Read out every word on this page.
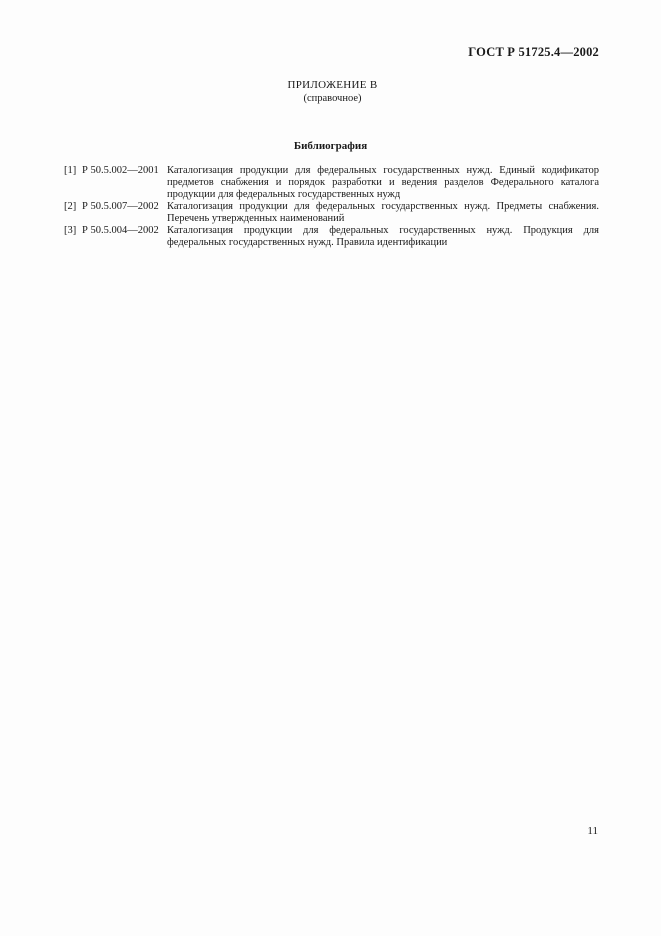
ГОСТ Р 51725.4—2002
ПРИЛОЖЕНИЕ В
(справочное)
Библиография
[1] Р 50.5.002—2001 Каталогизация продукции для федеральных государственных нужд. Единый кодификатор предметов снабжения и порядок разработки и ведения разделов Федерального каталога продукции для федеральных государственных нужд
[2] Р 50.5.007—2002 Каталогизация продукции для федеральных государственных нужд. Предметы снабжения. Перечень утвержденных наименований
[3] Р 50.5.004—2002 Каталогизация продукции для федеральных государственных нужд. Продукция для федеральных государственных нужд. Правила идентификации
11
